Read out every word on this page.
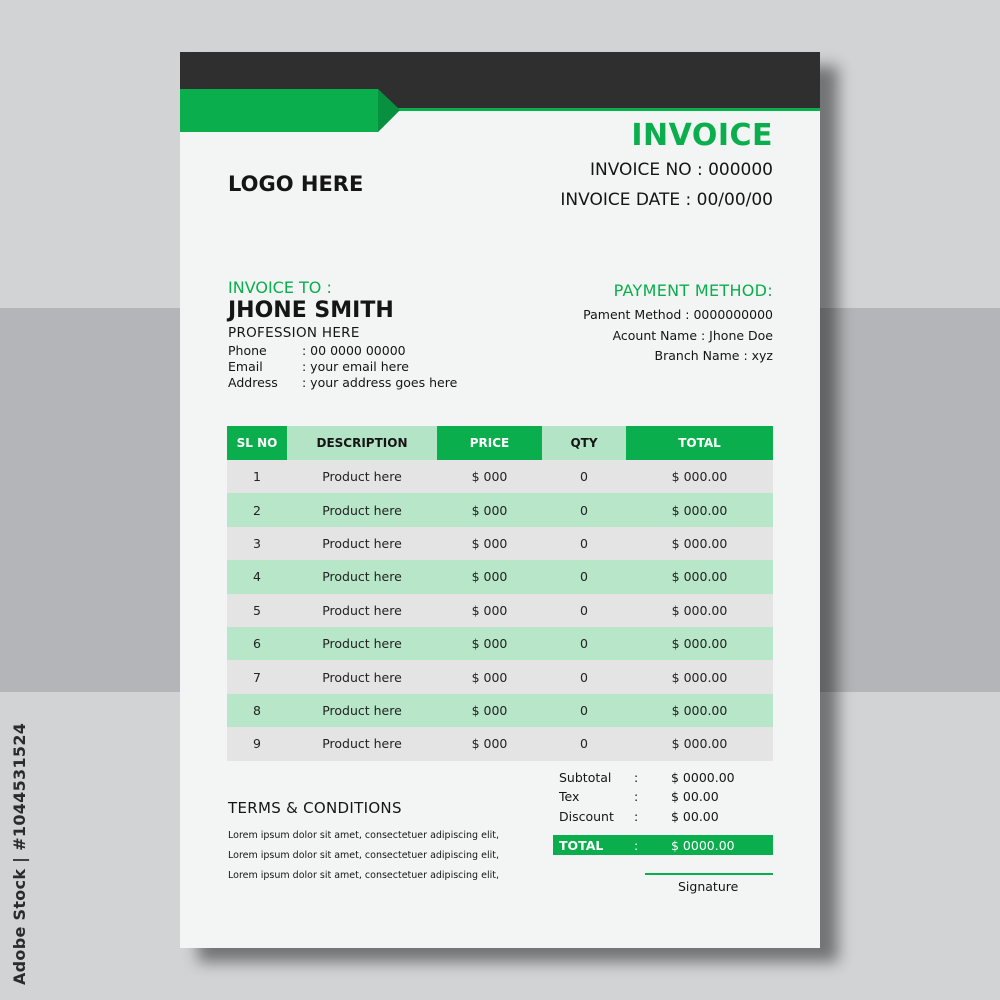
Adobe Stock | #1044531524
INVOICE
INVOICE NO : 000000
INVOICE DATE : 00/00/00
LOGO HERE
INVOICE TO :
JHONE SMITH
PROFESSION HERE
Phone	: 00 0000 00000
Email	: your email here
Address : your address goes here
PAYMENT METHOD:
Pament Method : 0000000000
Acount Name : Jhone Doe
Branch Name : xyz
SL NO	DESCRIPTION	PRICE	QTY	TOTAL
1	Product here	$ 000	0	$ 000.00
2	Product here	$ 000	0	$ 000.00
3	Product here	$ 000	0	$ 000.00
4	Product here	$ 000	0	$ 000.00
5	Product here	$ 000	0	$ 000.00
6	Product here	$ 000	0	$ 000.00
7	Product here	$ 000	0	$ 000.00
8	Product here	$ 000	0	$ 000.00
9	Product here	$ 000	0	$ 000.00
Subtotal :	$ 0000.00
Tex	:	$ 00.00
Discount :	$ 00.00
TOTAL	:	$ 0000.00
TERMS & CONDITIONS
Lorem ipsum dolor sit amet, consectetuer adipiscing elit,
Lorem ipsum dolor sit amet, consectetuer adipiscing elit,
Lorem ipsum dolor sit amet, consectetuer adipiscing elit,
Signature
